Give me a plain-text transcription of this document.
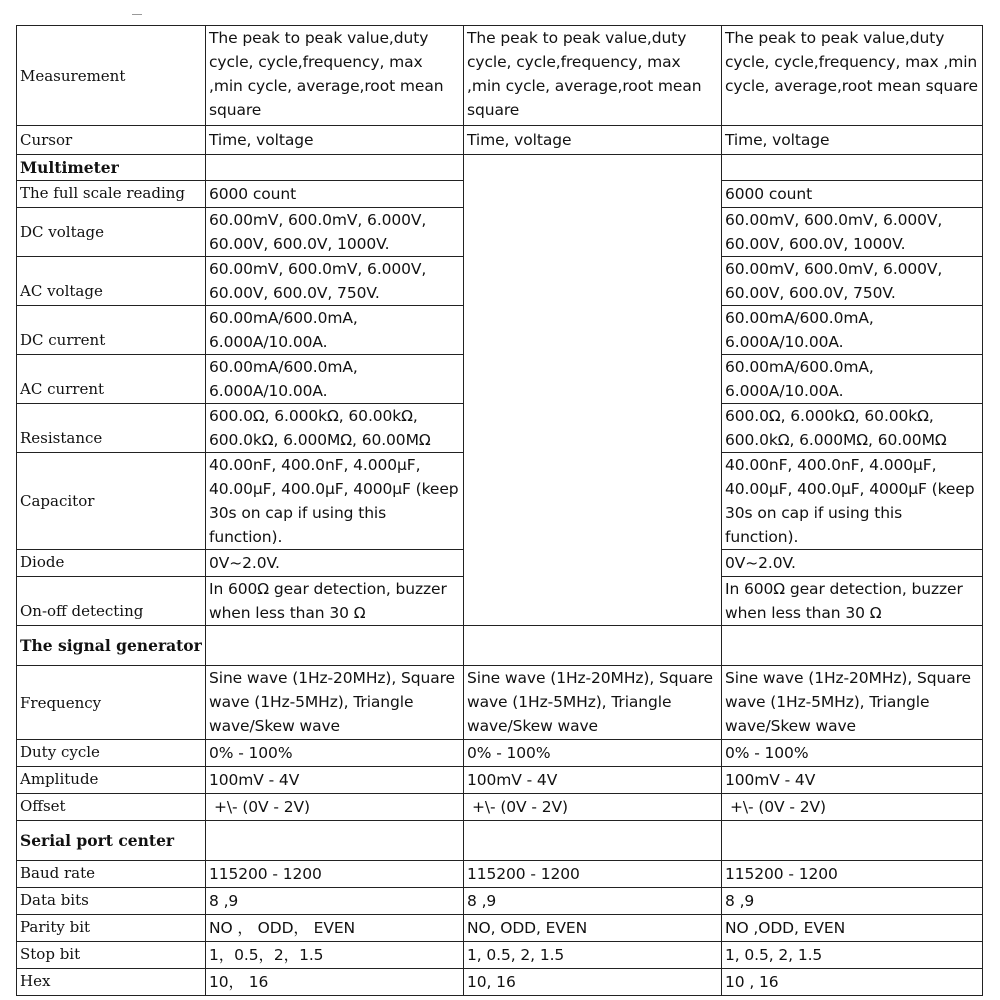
Measurement	The peak to peak value,duty cycle, cycle,frequency, max ,min cycle, average,root mean square	The peak to peak value,duty cycle, cycle,frequency, max ,min cycle, average,root mean square	The peak to peak value,duty cycle, cycle,frequency, max ,min cycle, average,root mean square
Cursor	Time, voltage	Time, voltage	Time, voltage
Multimeter			
The full scale reading	6000 count		6000 count
DC voltage	60.00mV, 600.0mV, 6.000V, 60.00V, 600.0V, 1000V.		60.00mV, 600.0mV, 6.000V, 60.00V, 600.0V, 1000V.
AC voltage	60.00mV, 600.0mV, 6.000V, 60.00V, 600.0V, 750V.		60.00mV, 600.0mV, 6.000V, 60.00V, 600.0V, 750V.
DC current	60.00mA/600.0mA, 6.000A/10.00A.		60.00mA/600.0mA, 6.000A/10.00A.
AC current	60.00mA/600.0mA, 6.000A/10.00A.		60.00mA/600.0mA, 6.000A/10.00A.
Resistance	600.0Ω, 6.000kΩ, 60.00kΩ, 600.0kΩ, 6.000MΩ, 60.00MΩ		600.0Ω, 6.000kΩ, 60.00kΩ, 600.0kΩ, 6.000MΩ, 60.00MΩ
Capacitor	40.00nF, 400.0nF, 4.000μF, 40.00μF, 400.0μF, 4000μF (keep 30s on cap if using this function).		40.00nF, 400.0nF, 4.000μF, 40.00μF, 400.0μF, 4000μF (keep 30s on cap if using this function).
Diode	0V~2.0V.		0V~2.0V.
On-off detecting	In 600Ω gear detection, buzzer when less than 30 Ω		In 600Ω gear detection, buzzer when less than 30 Ω
The signal generator			
Frequency	Sine wave (1Hz-20MHz), Square wave (1Hz-5MHz), Triangle wave/Skew wave	Sine wave (1Hz-20MHz), Square wave (1Hz-5MHz), Triangle wave/Skew wave	Sine wave (1Hz-20MHz), Square wave (1Hz-5MHz), Triangle wave/Skew wave
Duty cycle	0% - 100%	0% - 100%	0% - 100%
Amplitude	100mV - 4V	100mV - 4V	100mV - 4V
Offset	+\- (0V - 2V)	+\- (0V - 2V)	+\- (0V - 2V)
Serial port center			
Baud rate	115200 - 1200	115200 - 1200	115200 - 1200
Data bits	8 ,9	8 ,9	8 ,9
Parity bit	NO ， ODD， EVEN	NO, ODD, EVEN	NO ,ODD, EVEN
Stop bit	1，0.5，2，1.5	1, 0.5, 2, 1.5	1, 0.5, 2, 1.5
Hex	10， 16	10, 16	10 , 16
